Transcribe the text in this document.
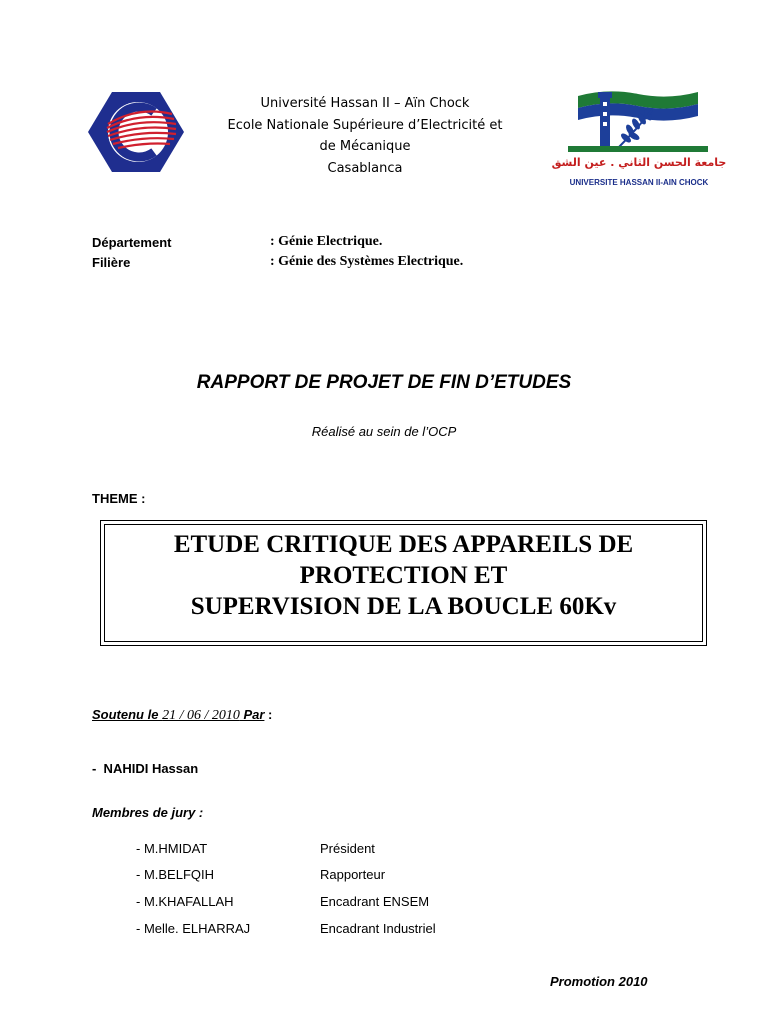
Université Hassan II – Aïn Chock
Ecole Nationale Supérieure d’Electricité et
de Mécanique
Casablanca	جامعة الحسن الثاني . عين الشق
UNIVERSITE HASSAN II-AIN CHOCK
Département	: Génie Electrique.
Filière	: Génie des Systèmes Electrique.
RAPPORT DE PROJET DE FIN D’ETUDES
Réalisé au sein de l’OCP
THEME :
ETUDE CRITIQUE DES APPAREILS DE
PROTECTION ET
SUPERVISION DE LA BOUCLE 60Kv
Soutenu le 21 / 06 / 2010 Par :
-  NAHIDI Hassan
Membres de jury :
- M.HMIDAT	Président
- M.BELFQIH	Rapporteur
- M.KHAFALLAH	Encadrant ENSEM
- Melle. ELHARRAJ	Encadrant Industriel
Promotion 2010
